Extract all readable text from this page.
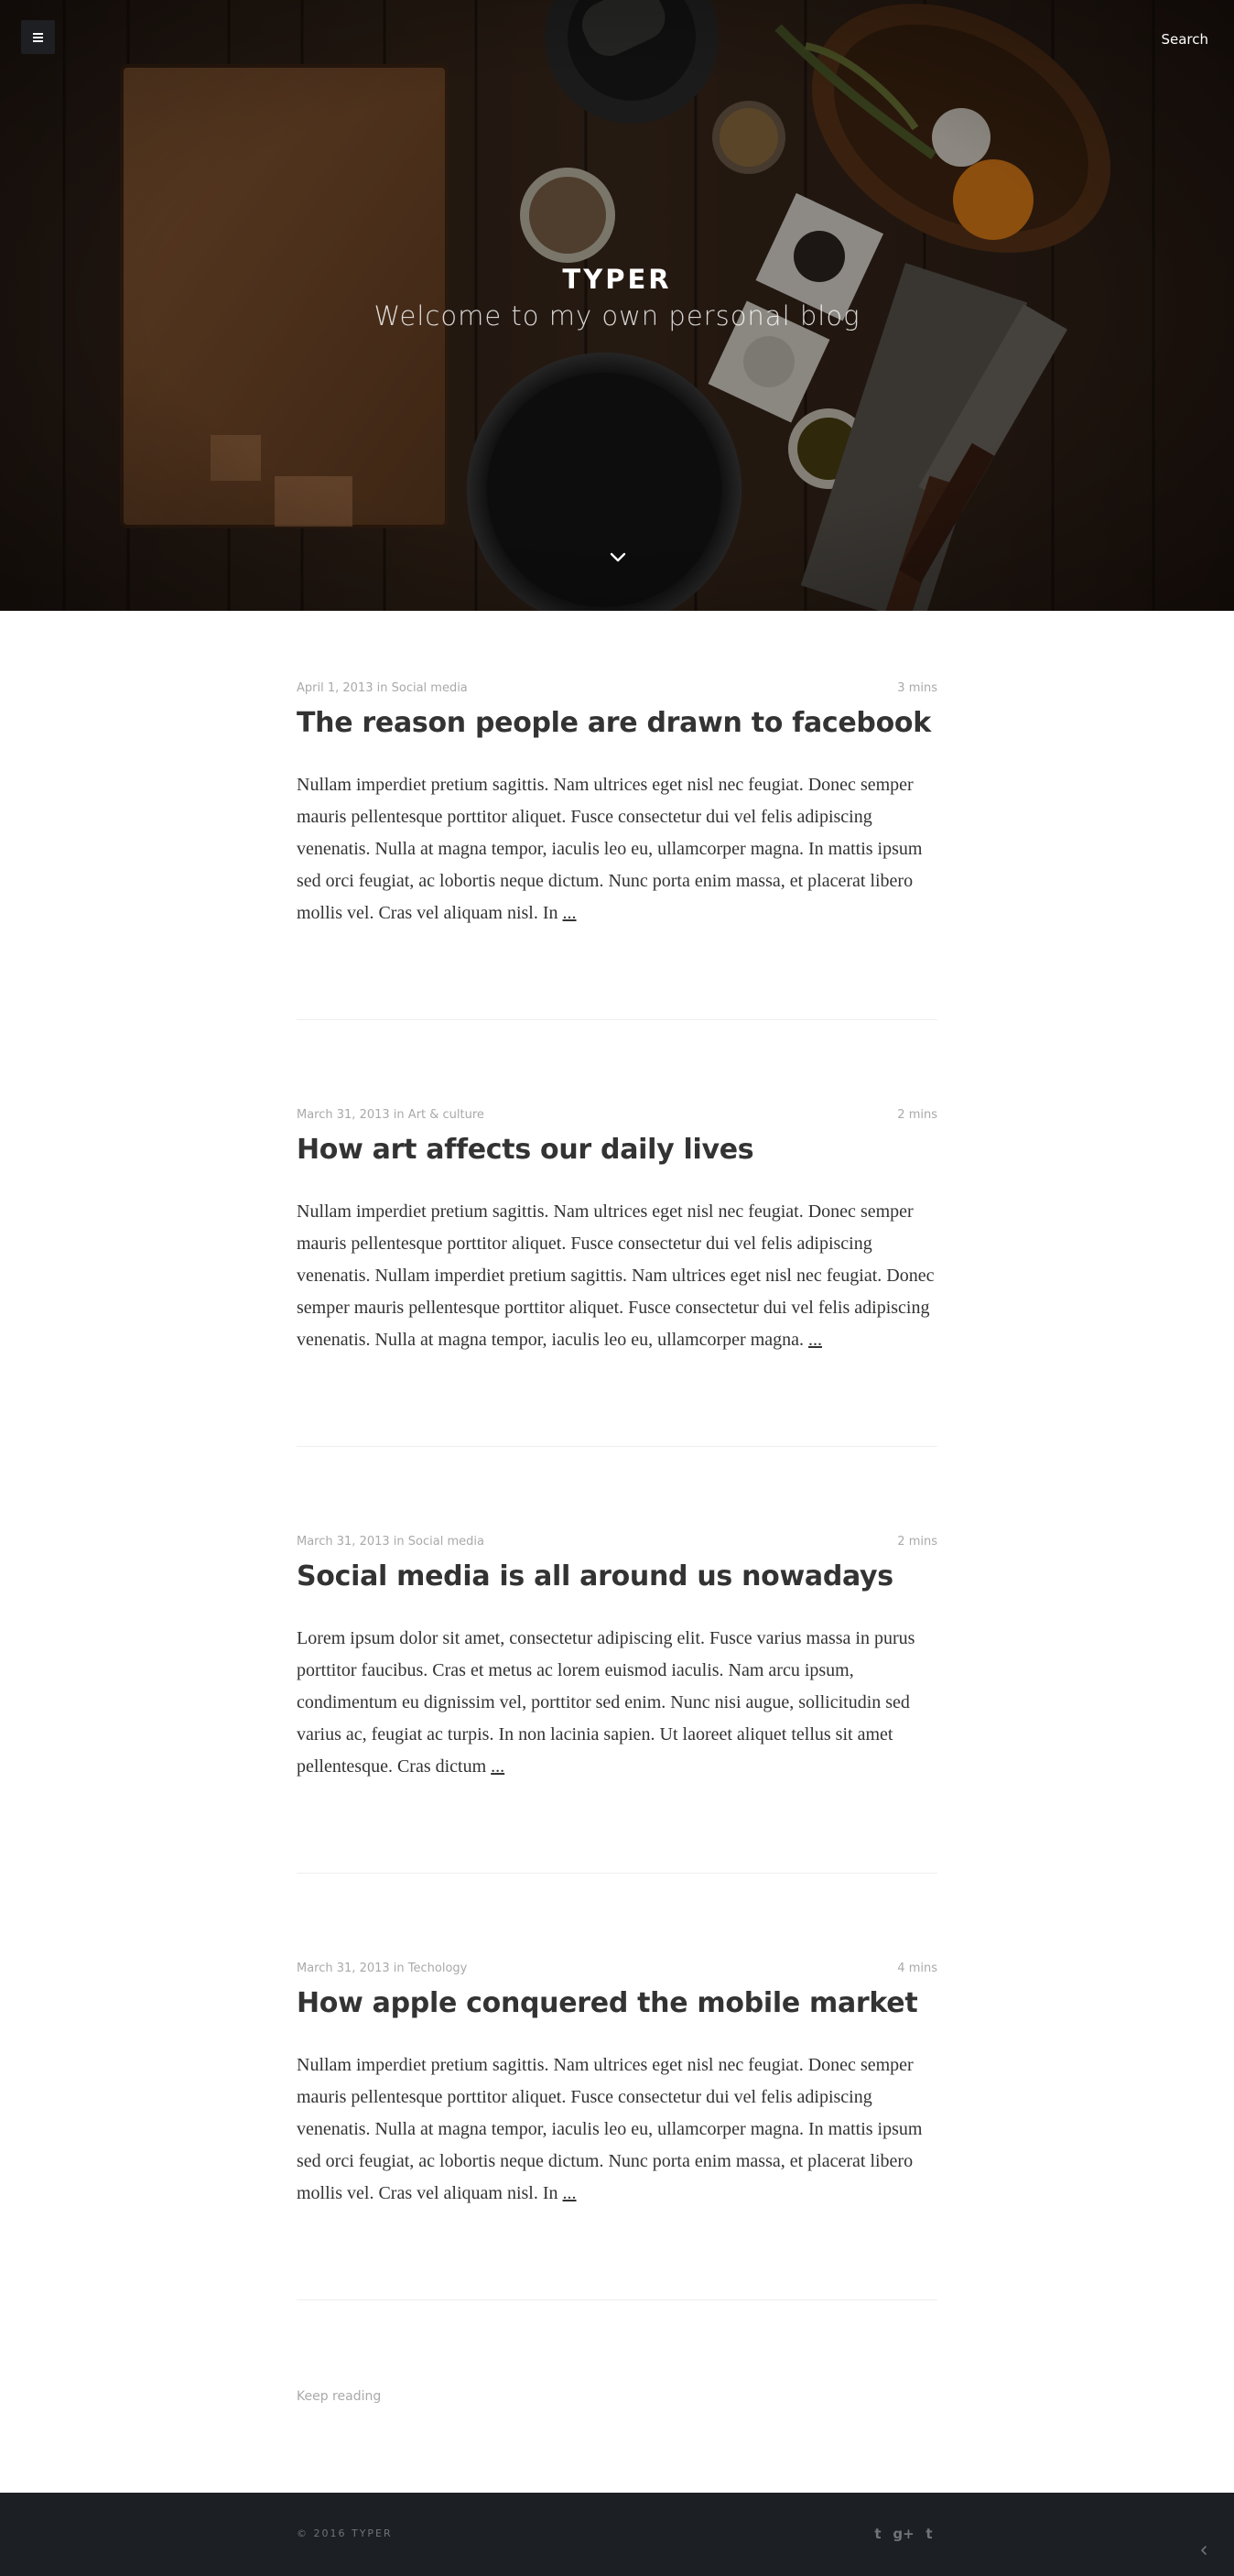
Search
TYPER
Welcome to my own personal blog
April 1, 2013 in Social media	3 mins
The reason people are drawn to facebook

Nullam imperdiet pretium sagittis. Nam ultrices eget nisl nec feugiat. Donec semper mauris pellentesque porttitor aliquet. Fusce consectetur dui vel felis adipiscing venenatis. Nulla at magna tempor, iaculis leo eu, ullamcorper magna. In mattis ipsum sed orci feugiat, ac lobortis neque dictum. Nunc porta enim massa, et placerat libero mollis vel. Cras vel aliquam nisl. In ...

March 31, 2013 in Art & culture	2 mins
How art affects our daily lives

Nullam imperdiet pretium sagittis. Nam ultrices eget nisl nec feugiat. Donec semper mauris pellentesque porttitor aliquet. Fusce consectetur dui vel felis adipiscing venenatis. Nullam imperdiet pretium sagittis. Nam ultrices eget nisl nec feugiat. Donec semper mauris pellentesque porttitor aliquet. Fusce consectetur dui vel felis adipiscing venenatis. Nulla at magna tempor, iaculis leo eu, ullamcorper magna. ...

March 31, 2013 in Social media	2 mins
Social media is all around us nowadays

Lorem ipsum dolor sit amet, consectetur adipiscing elit. Fusce varius massa in purus porttitor faucibus. Cras et metus ac lorem euismod iaculis. Nam arcu ipsum, condimentum eu dignissim vel, porttitor sed enim. Nunc nisi augue, sollicitudin sed varius ac, feugiat ac turpis. In non lacinia sapien. Ut laoreet aliquet tellus sit amet pellentesque. Cras dictum ...

March 31, 2013 in Techology	4 mins
How apple conquered the mobile market

Nullam imperdiet pretium sagittis. Nam ultrices eget nisl nec feugiat. Donec semper mauris pellentesque porttitor aliquet. Fusce consectetur dui vel felis adipiscing venenatis. Nulla at magna tempor, iaculis leo eu, ullamcorper magna. In mattis ipsum sed orci feugiat, ac lobortis neque dictum. Nunc porta enim massa, et placerat libero mollis vel. Cras vel aliquam nisl. In ...

Keep reading
© 2016 TYPER	t g+ t
